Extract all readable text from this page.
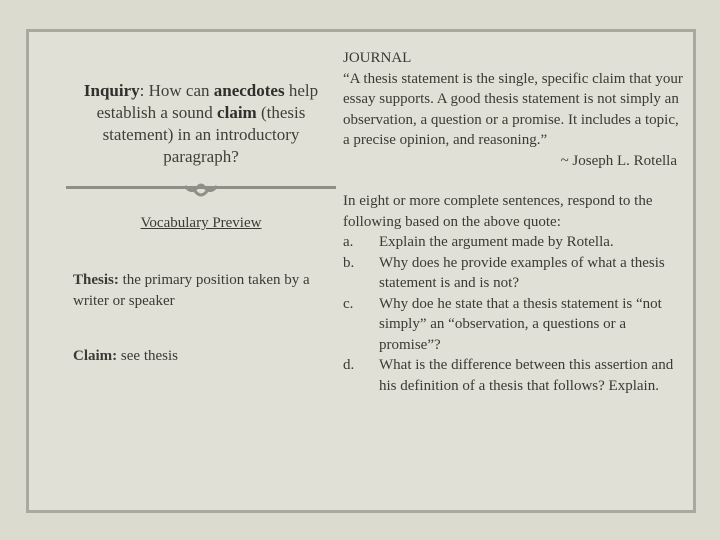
Inquiry: How can anecdotes help establish a sound claim (thesis statement) in an introductory paragraph?
Vocabulary Preview
Thesis: the primary position taken by a writer or speaker
Claim: see thesis

JOURNAL

“A thesis statement is the single, specific claim that your essay supports. A good thesis statement is not simply an observation, a question or a promise. It includes a topic, a precise opinion, and reasoning.”

~ Joseph L. Rotella

In eight or more complete sentences, respond to the following based on the above quote:

a.	Explain the argument made by Rotella.
b.	Why does he provide examples of what a thesis statement is and is not?
c.	Why doe he state that a thesis statement is “not simply” an “observation, a questions or a promise”?
d.	What is the difference between this assertion and his definition of a thesis that follows? Explain.
